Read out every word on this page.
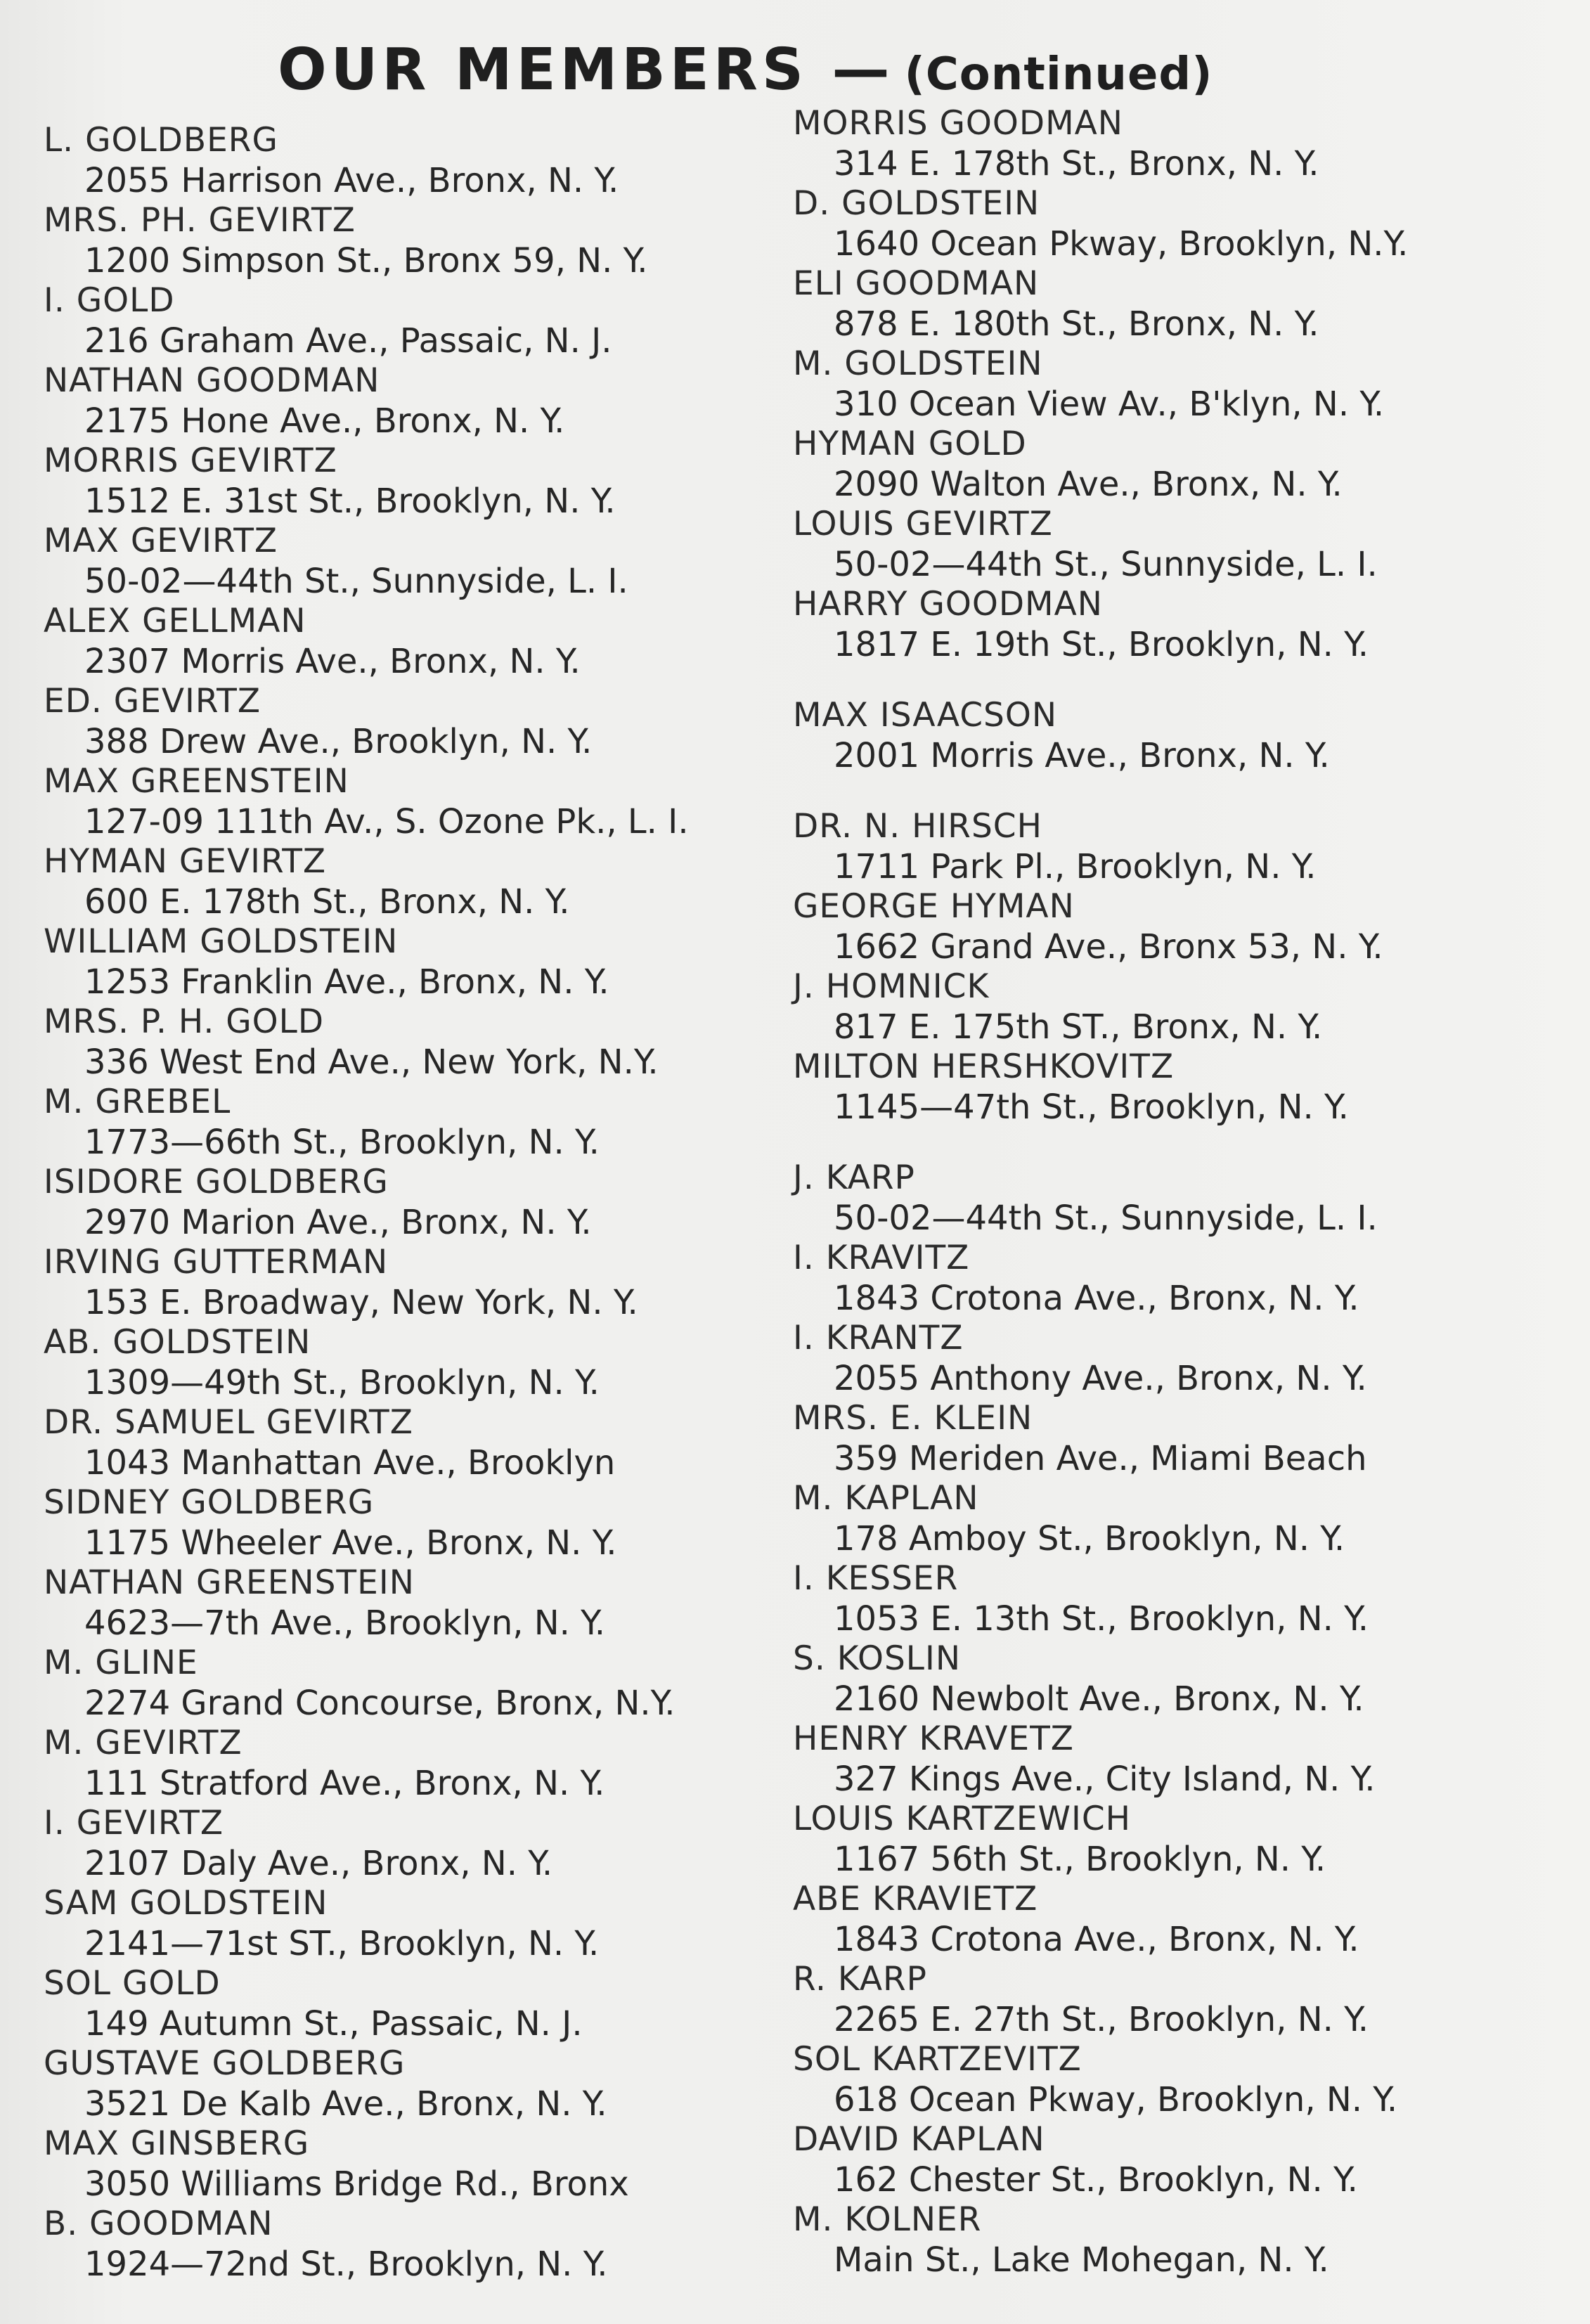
OUR MEMBERS — (Continued)
L. GOLDBERG
2055 Harrison Ave., Bronx, N. Y.
MRS. PH. GEVIRTZ
1200 Simpson St., Bronx 59, N. Y.
I. GOLD
216 Graham Ave., Passaic, N. J.
NATHAN GOODMAN
2175 Hone Ave., Bronx, N. Y.
MORRIS GEVIRTZ
1512 E. 31st St., Brooklyn, N. Y.
MAX GEVIRTZ
50-02—44th St., Sunnyside, L. I.
ALEX GELLMAN
2307 Morris Ave., Bronx, N. Y.
ED. GEVIRTZ
388 Drew Ave., Brooklyn, N. Y.
MAX GREENSTEIN
127-09 111th Av., S. Ozone Pk., L. I.
HYMAN GEVIRTZ
600 E. 178th St., Bronx, N. Y.
WILLIAM GOLDSTEIN
1253 Franklin Ave., Bronx, N. Y.
MRS. P. H. GOLD
336 West End Ave., New York, N.Y.
M. GREBEL
1773—66th St., Brooklyn, N. Y.
ISIDORE GOLDBERG
2970 Marion Ave., Bronx, N. Y.
IRVING GUTTERMAN
153 E. Broadway, New York, N. Y.
AB. GOLDSTEIN
1309—49th St., Brooklyn, N. Y.
DR. SAMUEL GEVIRTZ
1043 Manhattan Ave., Brooklyn
SIDNEY GOLDBERG
1175 Wheeler Ave., Bronx, N. Y.
NATHAN GREENSTEIN
4623—7th Ave., Brooklyn, N. Y.
M. GLINE
2274 Grand Concourse, Bronx, N.Y.
M. GEVIRTZ
111 Stratford Ave., Bronx, N. Y.
I. GEVIRTZ
2107 Daly Ave., Bronx, N. Y.
SAM GOLDSTEIN
2141—71st ST., Brooklyn, N. Y.
SOL GOLD
149 Autumn St., Passaic, N. J.
GUSTAVE GOLDBERG
3521 De Kalb Ave., Bronx, N. Y.
MAX GINSBERG
3050 Williams Bridge Rd., Bronx
B. GOODMAN
1924—72nd St., Brooklyn, N. Y.
MORRIS GOODMAN
314 E. 178th St., Bronx, N. Y.
D. GOLDSTEIN
1640 Ocean Pkway, Brooklyn, N.Y.
ELI GOODMAN
878 E. 180th St., Bronx, N. Y.
M. GOLDSTEIN
310 Ocean View Av., B'klyn, N. Y.
HYMAN GOLD
2090 Walton Ave., Bronx, N. Y.
LOUIS GEVIRTZ
50-02—44th St., Sunnyside, L. I.
HARRY GOODMAN
1817 E. 19th St., Brooklyn, N. Y.
MAX ISAACSON
2001 Morris Ave., Bronx, N. Y.
DR. N. HIRSCH
1711 Park Pl., Brooklyn, N. Y.
GEORGE HYMAN
1662 Grand Ave., Bronx 53, N. Y.
J. HOMNICK
817 E. 175th ST., Bronx, N. Y.
MILTON HERSHKOVITZ
1145—47th St., Brooklyn, N. Y.
J. KARP
50-02—44th St., Sunnyside, L. I.
I. KRAVITZ
1843 Crotona Ave., Bronx, N. Y.
I. KRANTZ
2055 Anthony Ave., Bronx, N. Y.
MRS. E. KLEIN
359 Meriden Ave., Miami Beach
M. KAPLAN
178 Amboy St., Brooklyn, N. Y.
I. KESSER
1053 E. 13th St., Brooklyn, N. Y.
S. KOSLIN
2160 Newbolt Ave., Bronx, N. Y.
HENRY KRAVETZ
327 Kings Ave., City Island, N. Y.
LOUIS KARTZEWICH
1167 56th St., Brooklyn, N. Y.
ABE KRAVIETZ
1843 Crotona Ave., Bronx, N. Y.
R. KARP
2265 E. 27th St., Brooklyn, N. Y.
SOL KARTZEVITZ
618 Ocean Pkway, Brooklyn, N. Y.
DAVID KAPLAN
162 Chester St., Brooklyn, N. Y.
M. KOLNER
Main St., Lake Mohegan, N. Y.
